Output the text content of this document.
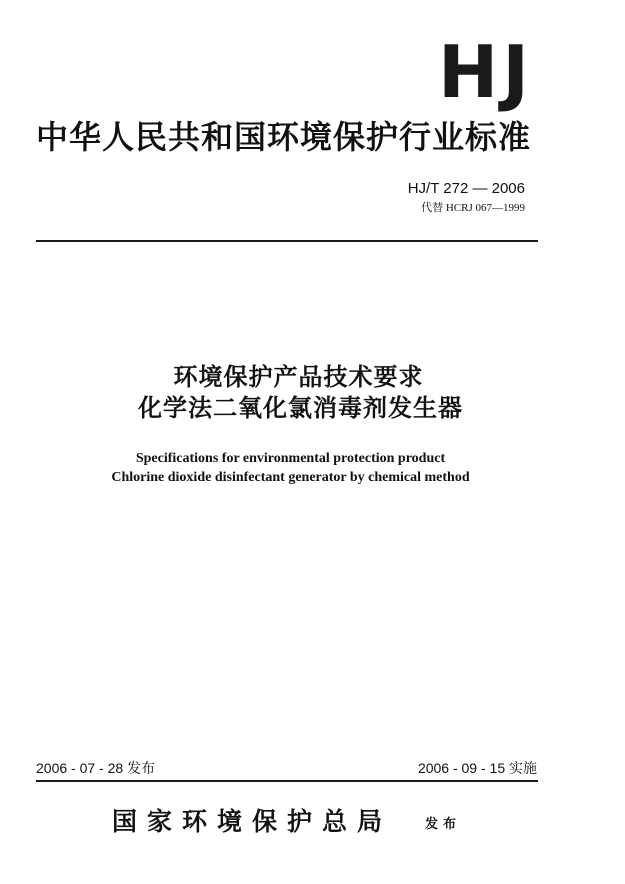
HJ
中华人民共和国环境保护行业标准
HJ/T 272 — 2006
代替 HCRJ 067—1999
环境保护产品技术要求
化学法二氧化氯消毒剂发生器
Specifications for environmental protection product
Chlorine dioxide disinfectant generator by chemical method
2006 - 07 - 28 发布	2006 - 09 - 15 实施
国家环境保护总局	发布
